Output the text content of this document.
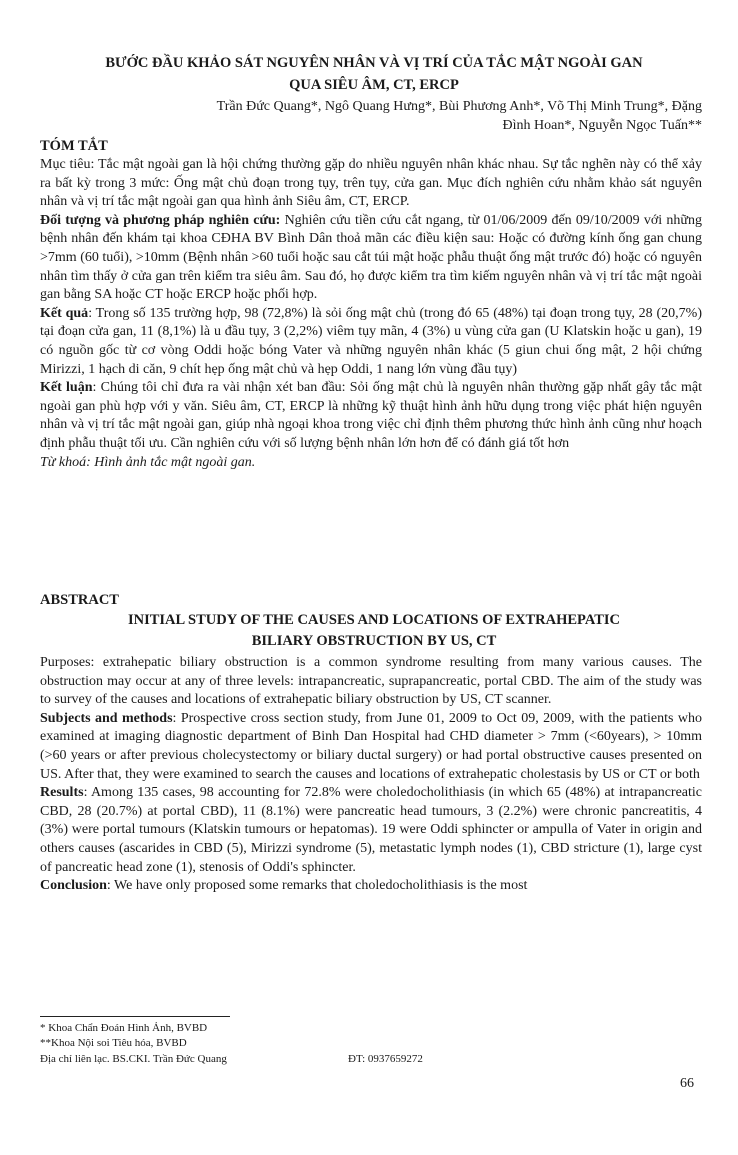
BƯỚC ĐẦU KHẢO SÁT NGUYÊN NHÂN VÀ VỊ TRÍ CỦA TẮC MẬT NGOÀI GAN
QUA SIÊU ÂM, CT, ERCP
Trần Đức Quang*, Ngô Quang Hưng*, Bùi Phương Anh*, Võ Thị Minh Trung*, Đặng
Đình Hoan*, Nguyễn Ngọc Tuấn**
TÓM TẮT
Mục tiêu: Tắc mật ngoài gan là hội chứng thường gặp do nhiều nguyên nhân khác nhau. Sự tắc nghẽn này có thể xảy ra bất kỳ trong 3 mức: Ống mật chủ đoạn trong tụy, trên tụy, cửa gan. Mục đích nghiên cứu nhằm khảo sát nguyên nhân và vị trí tắc mật ngoài gan qua hình ảnh Siêu âm, CT, ERCP.
Đối tượng và phương pháp nghiên cứu: Nghiên cứu tiền cứu cắt ngang, từ 01/06/2009 đến 09/10/2009 với những bệnh nhân đến khám tại khoa CĐHA BV Bình Dân thoả mãn các điều kiện sau: Hoặc có đường kính ống gan chung >7mm (60 tuổi), >10mm (Bệnh nhân >60 tuổi hoặc sau cắt túi mật hoặc phẫu thuật ống mật trước đó) hoặc có nguyên nhân tìm thấy ở cửa gan trên kiểm tra siêu âm. Sau đó, họ được kiểm tra tìm kiếm nguyên nhân và vị trí tắc mật ngoài gan bằng SA hoặc CT hoặc ERCP hoặc phối hợp.
Kết quả: Trong số 135 trường hợp, 98 (72,8%) là sỏi ống mật chủ (trong đó 65 (48%) tại đoạn trong tụy, 28 (20,7%) tại đoạn cửa gan, 11 (8,1%) là u đầu tụy, 3 (2,2%) viêm tụy mãn, 4 (3%) u vùng cửa gan (U Klatskin hoặc u gan), 19 có nguồn gốc từ cơ vòng Oddi hoặc bóng Vater và những nguyên nhân khác (5 giun chui ống mật, 2 hội chứng Mirizzi, 1 hạch di căn, 9 chít hẹp ống mật chủ và hẹp Oddi, 1 nang lớn vùng đầu tụy)
Kết luận: Chúng tôi chỉ đưa ra vài nhận xét ban đầu: Sỏi ống mật chủ là nguyên nhân thường gặp nhất gây tắc mật ngoài gan phù hợp với y văn. Siêu âm, CT, ERCP là những kỹ thuật hình ảnh hữu dụng trong việc phát hiện nguyên nhân và vị trí tắc mật ngoài gan, giúp nhà ngoại khoa trong việc chỉ định thêm phương thức hình ảnh cũng như hoạch định phẫu thuật tối ưu. Cần nghiên cứu với số lượng bệnh nhân lớn hơn để có đánh giá tốt hơn
Từ khoá: Hình ảnh tắc mật ngoài gan.
ABSTRACT
INITIAL STUDY OF THE CAUSES AND LOCATIONS OF EXTRAHEPATIC
BILIARY OBSTRUCTION BY US, CT
Purposes: extrahepatic biliary obstruction is a common syndrome resulting from many various causes. The obstruction may occur at any of three levels: intrapancreatic, suprapancreatic, portal CBD. The aim of the study was to survey of the causes and locations of extrahepatic biliary obstruction by US, CT scanner.
Subjects and methods: Prospective cross section study, from June 01, 2009 to Oct 09, 2009, with the patients who examined at imaging diagnostic department of Binh Dan Hospital had CHD diameter > 7mm (<60years), > 10mm (>60 years or after previous cholecystectomy or biliary ductal surgery) or had portal obstructive causes presented on US. After that, they were examined to search the causes and locations of extrahepatic cholestasis by US or CT or both
Results: Among 135 cases, 98 accounting for 72.8% were choledocholithiasis (in which 65 (48%) at intrapancreatic CBD, 28 (20.7%) at portal CBD), 11 (8.1%) were pancreatic head tumours, 3 (2.2%) were chronic pancreatitis, 4 (3%) were portal tumours (Klatskin tumours or hepatomas). 19 were Oddi sphincter or ampulla of Vater in origin and others causes (ascarides in CBD (5), Mirizzi syndrome (5), metastatic lymph nodes (1), CBD stricture (1), large cyst of pancreatic head zone (1), stenosis of Oddi's sphincter.
Conclusion: We have only proposed some remarks that choledocholithiasis is the most
* Khoa Chẩn Đoán Hình Ảnh, BVBD
**Khoa Nội soi Tiêu hóa, BVBD
Địa chỉ liên lạc. BS.CKI. Trần Đức Quang	ĐT: 0937659272
66
